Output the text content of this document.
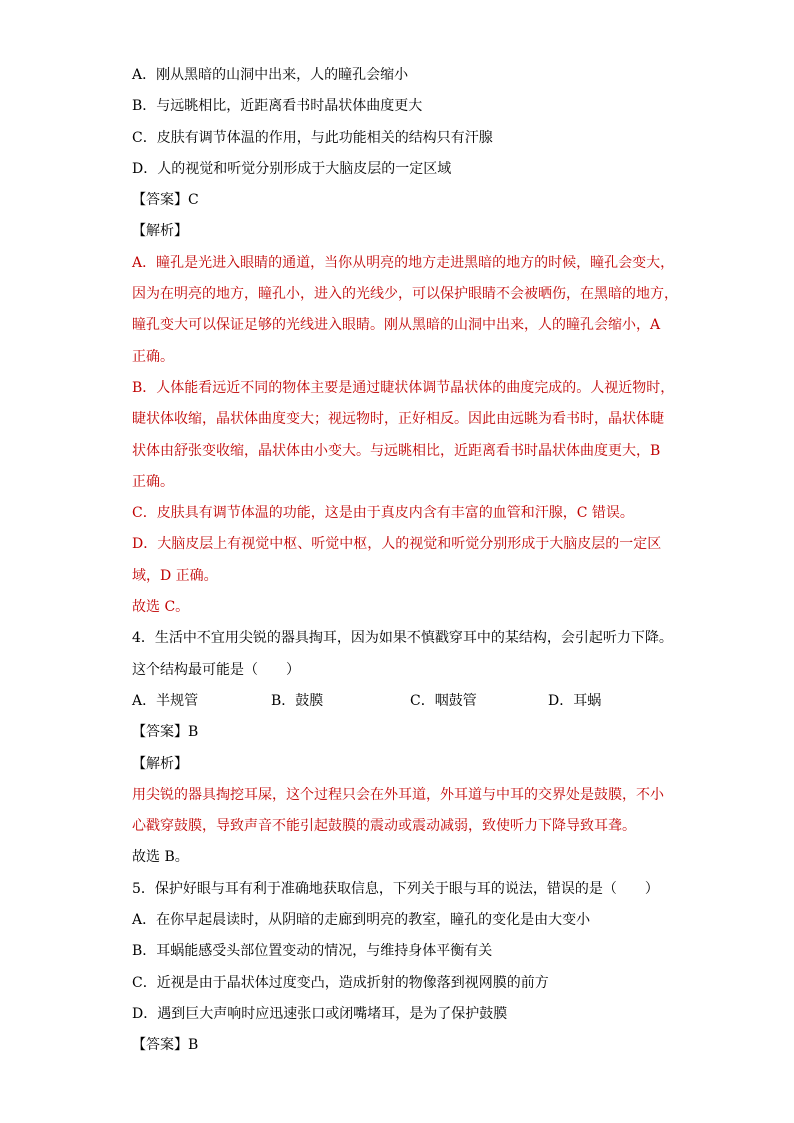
A．刚从黑暗的山洞中出来，人的瞳孔会缩小
B．与远眺相比，近距离看书时晶状体曲度更大
C．皮肤有调节体温的作用，与此功能相关的结构只有汗腺
D．人的视觉和听觉分别形成于大脑皮层的一定区域
【答案】C
【解析】
A．瞳孔是光进入眼睛的通道，当你从明亮的地方走进黑暗的地方的时候，瞳孔会变大，
因为在明亮的地方，瞳孔小，进入的光线少，可以保护眼睛不会被晒伤，在黑暗的地方，
瞳孔变大可以保证足够的光线进入眼睛。刚从黑暗的山洞中出来，人的瞳孔会缩小，A
正确。
B．人体能看远近不同的物体主要是通过睫状体调节晶状体的曲度完成的。人视近物时，
睫状体收缩，晶状体曲度变大；视远物时，正好相反。因此由远眺为看书时，晶状体睫
状体由舒张变收缩，晶状体由小变大。与远眺相比，近距离看书时晶状体曲度更大，B
正确。
C．皮肤具有调节体温的功能，这是由于真皮内含有丰富的血管和汗腺，C 错误。
D．大脑皮层上有视觉中枢、听觉中枢，人的视觉和听觉分别形成于大脑皮层的一定区
域，D 正确。
故选 C。
4．生活中不宜用尖锐的器具掏耳，因为如果不慎戳穿耳中的某结构，会引起听力下降。
这个结构最可能是（　　）
A．半规管	B．鼓膜	C．咽鼓管	D．耳蜗
【答案】B
【解析】
用尖锐的器具掏挖耳屎，这个过程只会在外耳道，外耳道与中耳的交界处是鼓膜，不小
心戳穿鼓膜，导致声音不能引起鼓膜的震动或震动减弱，致使听力下降导致耳聋。
故选 B。
5．保护好眼与耳有利于准确地获取信息，下列关于眼与耳的说法，错误的是（　　）
A．在你早起晨读时，从阴暗的走廊到明亮的教室，瞳孔的变化是由大变小
B．耳蜗能感受头部位置变动的情况，与维持身体平衡有关
C．近视是由于晶状体过度变凸，造成折射的物像落到视网膜的前方
D．遇到巨大声响时应迅速张口或闭嘴堵耳，是为了保护鼓膜
【答案】B
